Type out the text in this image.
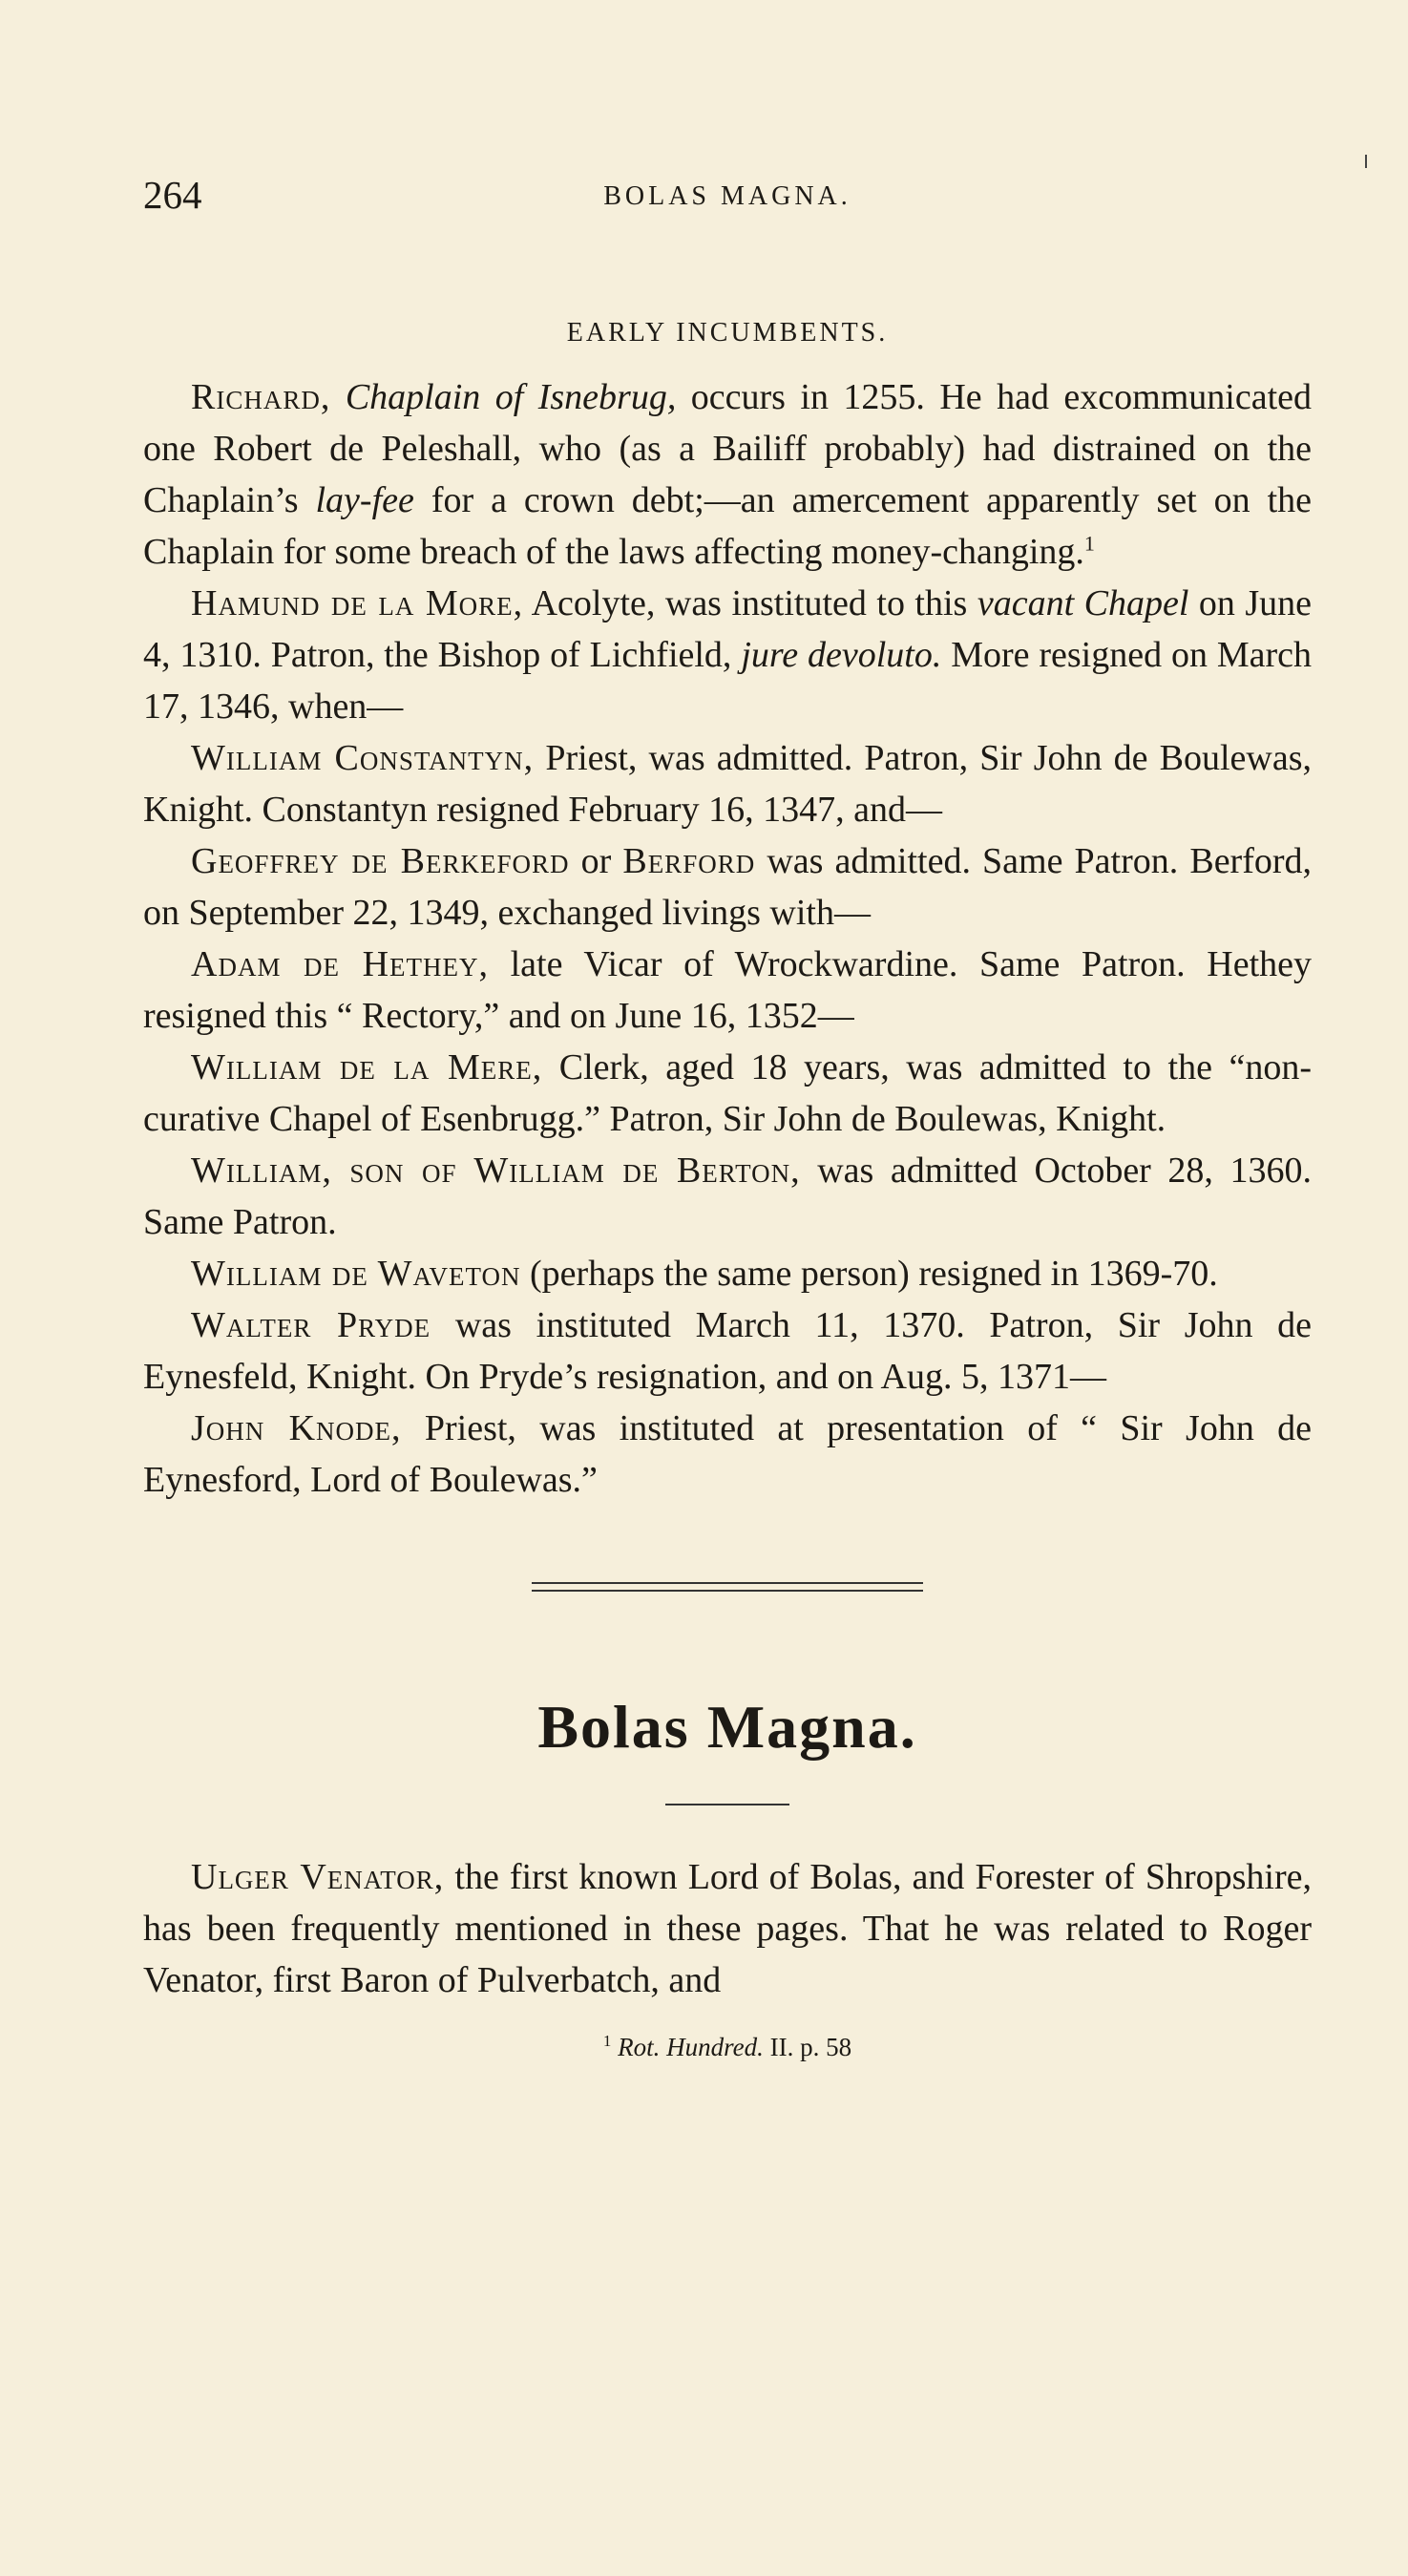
264	BOLAS MAGNA.
EARLY INCUMBENTS.

Richard, Chaplain of Isnebrug, occurs in 1255. He had excommunicated one Robert de Peleshall, who (as a Bailiff probably) had distrained on the Chaplain’s lay-fee for a crown debt;—an amercement apparently set on the Chaplain for some breach of the laws affecting money-changing.$^1$

Hamund de la More, Acolyte, was instituted to this vacant Chapel on June 4, 1310. Patron, the Bishop of Lichfield, jure devoluto. More resigned on March 17, 1346, when—

William Constantyn, Priest, was admitted. Patron, Sir John de Boulewas, Knight. Constantyn resigned February 16, 1347, and—

Geoffrey de Berkeford or Berford was admitted. Same Patron. Berford, on September 22, 1349, exchanged livings with—

Adam de Hethey, late Vicar of Wrockwardine. Same Patron. Hethey resigned this “ Rectory,” and on June 16, 1352—

William de la Mere, Clerk, aged 18 years, was admitted to the “non-curative Chapel of Esenbrugg.” Patron, Sir John de Boulewas, Knight.

William, son of William de Berton, was admitted October 28, 1360. Same Patron.

William de Waveton (perhaps the same person) resigned in 1369-70.

Walter Pryde was instituted March 11, 1370. Patron, Sir John de Eynesfeld, Knight. On Pryde’s resignation, and on Aug. 5, 1371—

John Knode, Priest, was instituted at presentation of “ Sir John de Eynesford, Lord of Boulewas.”

Bolas Magna.

Ulger Venator, the first known Lord of Bolas, and Forester of Shropshire, has been frequently mentioned in these pages. That he was related to Roger Venator, first Baron of Pulverbatch, and

$^1$ Rot. Hundred. II. p. 58
